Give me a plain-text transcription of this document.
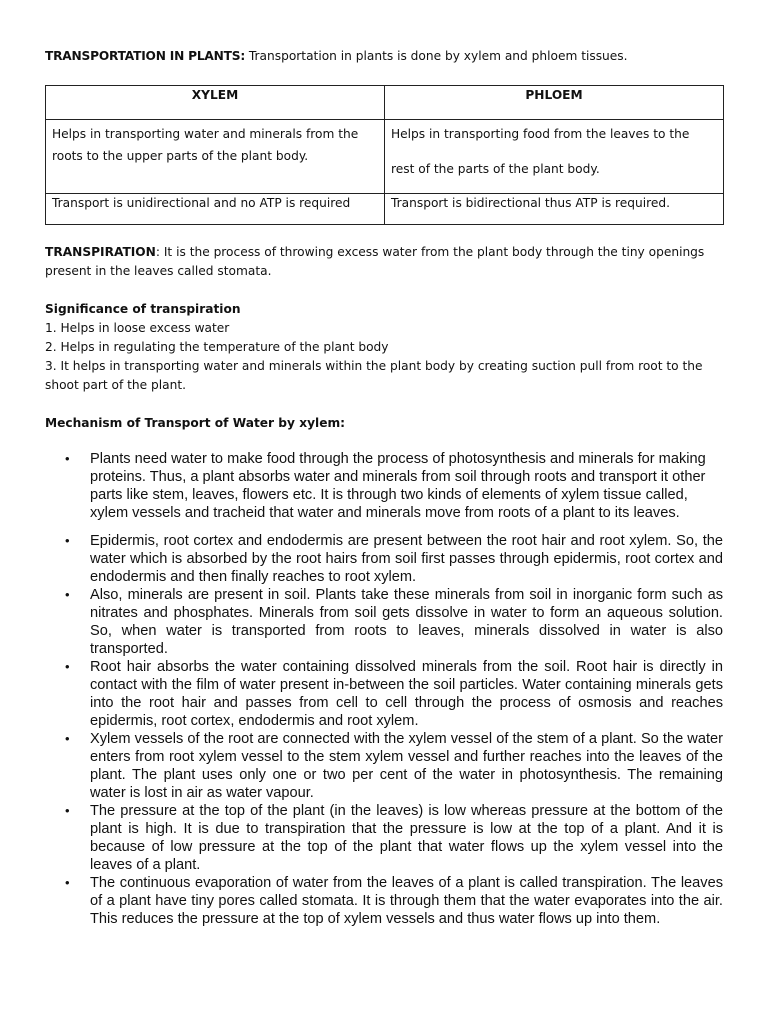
TRANSPORTATION IN PLANTS: Transportation in plants is done by xylem and phloem tissues.
XYLEM	PHLOEM
Helps in transporting water and minerals from the roots to the upper parts of the plant body.	Helps in transporting food from the leaves to the
rest of the parts of the plant body.

Transport is unidirectional and no ATP is required	Transport is bidirectional thus ATP is required.
TRANSPIRATION: It is the process of throwing excess water from the plant body through the tiny openings present in the leaves called stomata.
Significance of transpiration
1. Helps in loose excess water
2. Helps in regulating the temperature of the plant body
3. It helps in transporting water and minerals within the plant body by creating suction pull from root to the shoot part of the plant.
Mechanism of Transport of Water by xylem:
• Plants need water to make food through the process of photosynthesis and minerals for making proteins. Thus, a plant absorbs water and minerals from soil through roots and transport it other parts like stem, leaves, flowers etc. It is through two kinds of elements of xylem tissue called, xylem vessels and tracheid that water and minerals move from roots of a plant to its leaves.
• Epidermis, root cortex and endodermis are present between the root hair and root xylem. So, the water which is absorbed by the root hairs from soil first passes through epidermis, root cortex and endodermis and then finally reaches to root xylem.
• Also, minerals are present in soil. Plants take these minerals from soil in inorganic form such as nitrates and phosphates. Minerals from soil gets dissolve in water to form an aqueous solution. So, when water is transported from roots to leaves, minerals dissolved in water is also transported.
• Root hair absorbs the water containing dissolved minerals from the soil. Root hair is directly in contact with the film of water present in-between the soil particles. Water containing minerals gets into the root hair and passes from cell to cell through the process of osmosis and reaches epidermis, root cortex, endodermis and root xylem.
• Xylem vessels of the root are connected with the xylem vessel of the stem of a plant. So the water enters from root xylem vessel to the stem xylem vessel and further reaches into the leaves of the plant. The plant uses only one or two per cent of the water in photosynthesis. The remaining water is lost in air as water vapour.
• The pressure at the top of the plant (in the leaves) is low whereas pressure at the bottom of the plant is high. It is due to transpiration that the pressure is low at the top of a plant. And it is because of low pressure at the top of the plant that water flows up the xylem vessel into the leaves of a plant.
• The continuous evaporation of water from the leaves of a plant is called transpiration. The leaves of a plant have tiny pores called stomata. It is through them that the water evaporates into the air. This reduces the pressure at the top of xylem vessels and thus water flows up into them.
